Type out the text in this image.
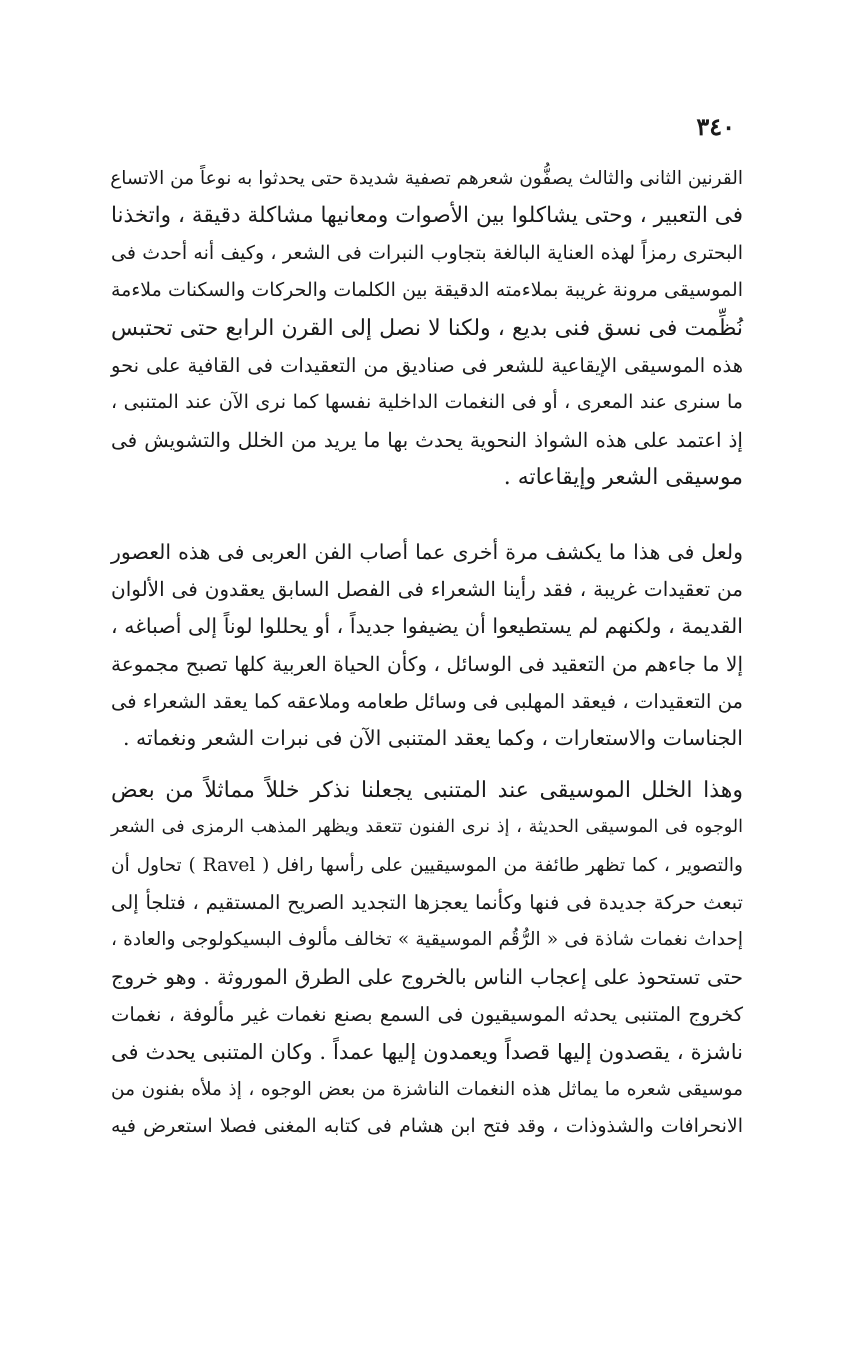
٣٤٠

القرنين الثانى والثالث يصفُّون شعرهم تصفية شديدة حتى يحدثوا به نوعاً من الاتساع
فى التعبير ، وحتى يشاكلوا بين الأصوات ومعانيها مشاكلة دقيقة ، واتخذنا
البحترى رمزاً لهذه العناية البالغة بتجاوب النبرات فى الشعر ، وكيف أنه أحدث فى
الموسيقى مرونة غريبة بملاءمته الدقيقة بين الكلمات والحركات والسكنات ملاءمة
نُظِّمت فى نسق فنى بديع ، ولكنا لا نصل إلى القرن الرابع حتى تحتبس
هذه الموسيقى الإيقاعية للشعر فى صناديق من التعقيدات فى القافية على نحو
ما سنرى عند المعرى ، أو فى النغمات الداخلية نفسها كما نرى الآن عند المتنبى ،
إذ اعتمد على هذه الشواذ النحوية يحدث بها ما يريد من الخلل والتشويش فى
موسيقى الشعر وإيقاعاته .

ولعل فى هذا ما يكشف مرة أخرى عما أصاب الفن العربى فى هذه العصور
من تعقيدات غريبة ، فقد رأينا الشعراء فى الفصل السابق يعقدون فى الألوان
القديمة ، ولكنهم لم يستطيعوا أن يضيفوا جديداً ، أو يحللوا لوناً إلى أصباغه ،
إلا ما جاءهم من التعقيد فى الوسائل ، وكأن الحياة العربية كلها تصبح مجموعة
من التعقيدات ، فيعقد المهلبى فى وسائل طعامه وملاعقه كما يعقد الشعراء فى
الجناسات والاستعارات ، وكما يعقد المتنبى الآن فى نبرات الشعر ونغماته .

وهذا الخلل الموسيقى عند المتنبى يجعلنا نذكر خللاً مماثلاً من بعض
الوجوه فى الموسيقى الحديثة ، إذ نرى الفنون تتعقد ويظهر المذهب الرمزى فى الشعر
والتصوير ، كما تظهر طائفة من الموسيقيين على رأسها رافل ( Ravel ) تحاول أن
تبعث حركة جديدة فى فنها وكأنما يعجزها التجديد الصريح المستقيم ، فتلجأ إلى
إحداث نغمات شاذة فى « الرُّقُم الموسيقية » تخالف مألوف البسيكولوجى والعادة ،
حتى تستحوذ على إعجاب الناس بالخروج على الطرق الموروثة . وهو خروج
كخروج المتنبى يحدثه الموسيقيون فى السمع بصنع نغمات غير مألوفة ، نغمات
ناشزة ، يقصدون إليها قصداً ويعمدون إليها عمداً . وكان المتنبى يحدث فى
موسيقى شعره ما يماثل هذه النغمات الناشزة من بعض الوجوه ، إذ ملأه بفنون من
الانحرافات والشذوذات ، وقد فتح ابن هشام فى كتابه المغنى فصلا استعرض فيه
